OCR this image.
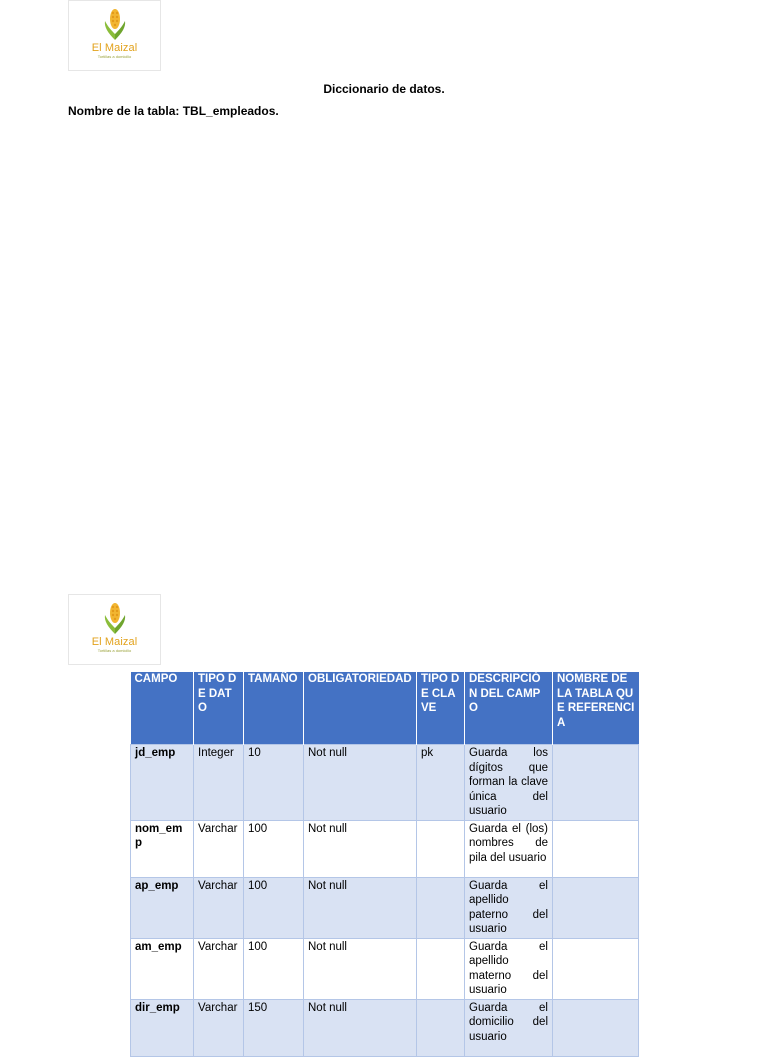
El Maizal
Tortillas a domicilio
Diccionario de datos.
Nombre de la tabla: TBL_empleados.
El Maizal
Tortillas a domicilio
CAMPO	TIPO DE DATO	TAMAÑO	OBLIGATORIEDAD	TIPO DE CLAVE	DESCRIPCIÓN DEL CAMPO	NOMBRE DE LA TABLA QUE REFERENCIA
jd_emp	Integer	10	Not null	pk	Guarda los dígitos que forman la clave única del usuario	
nom_emp	Varchar	100	Not null		Guarda el (los) nombres de pila del usuario	
ap_emp	Varchar	100	Not null		Guarda el apellido paterno del usuario	
am_emp	Varchar	100	Not null		Guarda el apellido materno del usuario	
dir_emp	Varchar	150	Not null		Guarda el domicilio del usuario	
